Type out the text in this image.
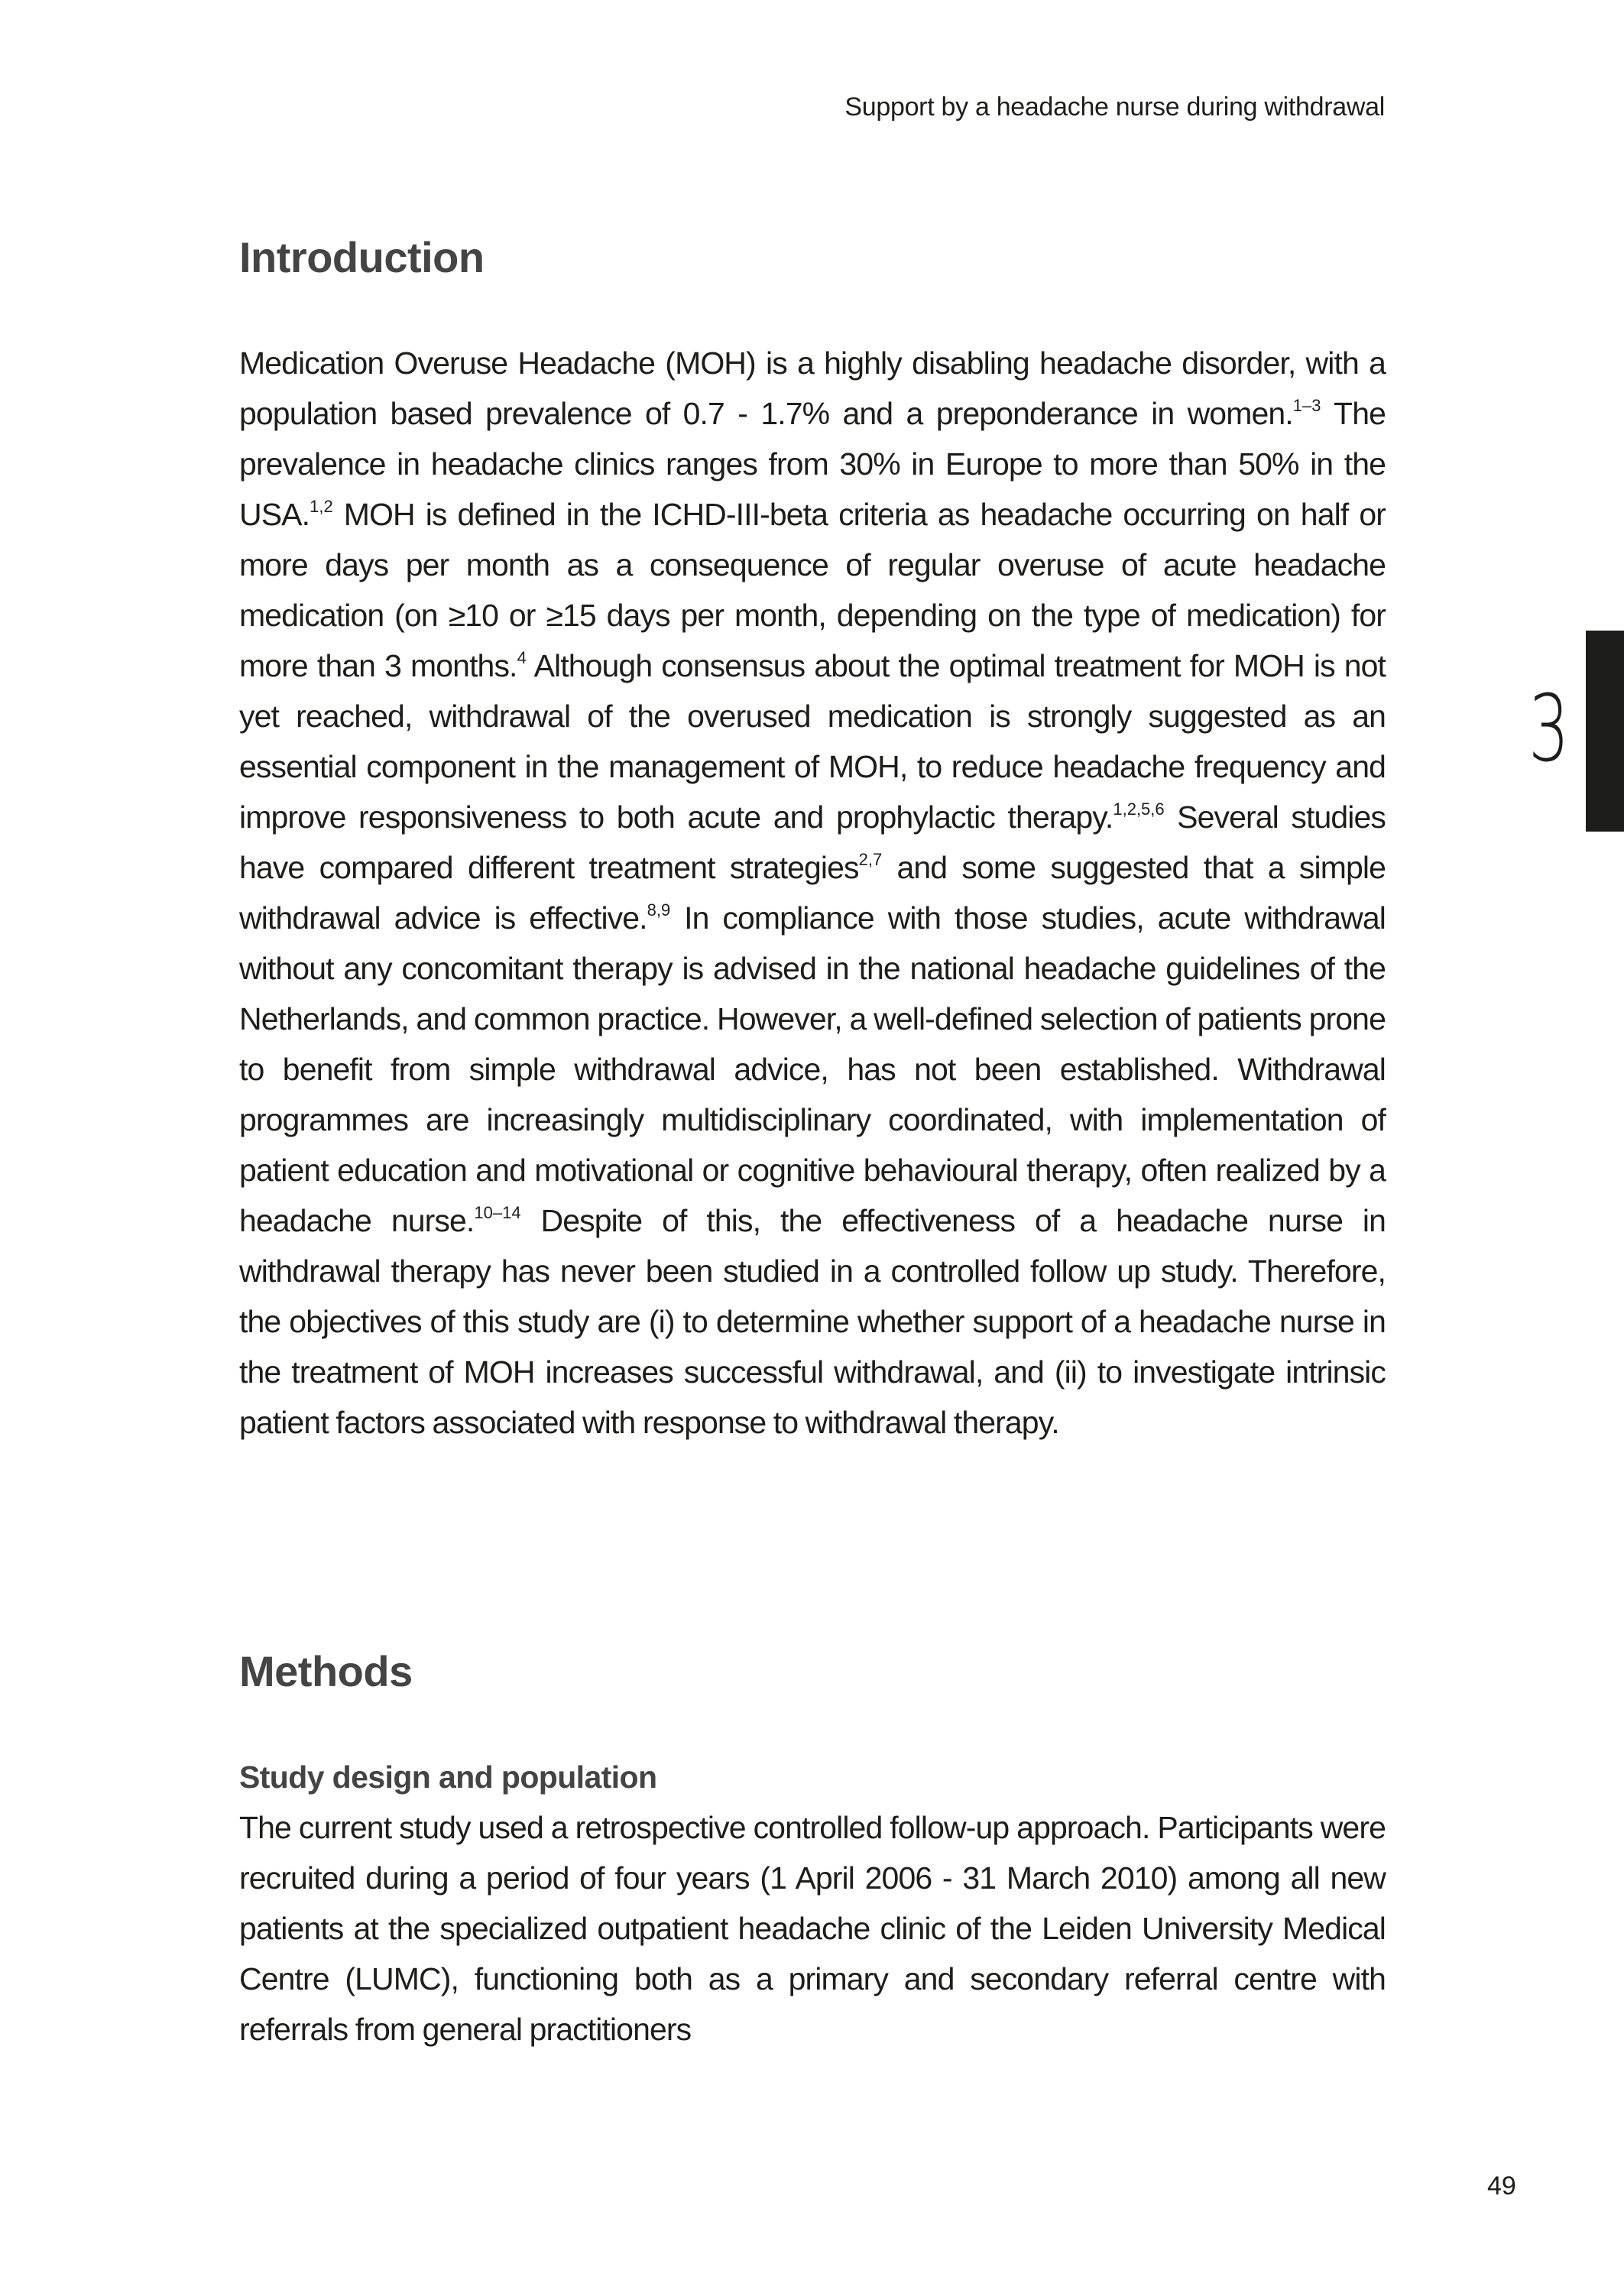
Support by a headache nurse during withdrawal
Introduction

Medication Overuse Headache (MOH) is a highly disabling headache disorder, with a population based prevalence of 0.7 - 1.7% and a preponderance in women.$^{1-3}$ The prevalence in headache clinics ranges from 30% in Europe to more than 50% in the USA.$^{1,2}$ MOH is defined in the ICHD-III-beta criteria as headache occurring on half or more days per month as a consequence of regular overuse of acute headache medication (on ≥10 or ≥15 days per month, depending on the type of medication) for more than 3 months.$^4$ Although consensus about the optimal treatment for MOH is not yet reached, withdrawal of the overused medication is strongly suggested as an essential component in the management of MOH, to reduce headache frequency and improve responsiveness to both acute and prophylactic therapy.$^{1,2,5,6}$ Several studies have compared different treatment strategies$^{2,7}$ and some suggested that a simple withdrawal advice is effective.$^{8,9}$ In compliance with those studies, acute withdrawal without any concomitant therapy is advised in the national headache guidelines of the Netherlands, and common practice. However, a well-defined selection of patients prone to benefit from simple withdrawal advice, has not been established. Withdrawal programmes are increasingly multidisciplinary coordinated, with implementation of patient education and motivational or cognitive behavioural therapy, often realized by a headache nurse.$^{10-14}$ Despite of this, the effectiveness of a headache nurse in withdrawal therapy has never been studied in a controlled follow up study. Therefore, the objectives of this study are (i) to determine whether support of a headache nurse in the treatment of MOH increases successful withdrawal, and (ii) to investigate intrinsic patient factors associated with response to withdrawal therapy.

Methods
Study design and population

The current study used a retrospective controlled follow-up approach. Participants were recruited during a period of four years (1 April 2006 - 31 March 2010) among all new patients at the specialized outpatient headache clinic of the Leiden University Medical Centre (LUMC), functioning both as a primary and secondary referral centre with referrals from general practitioners

3
49
